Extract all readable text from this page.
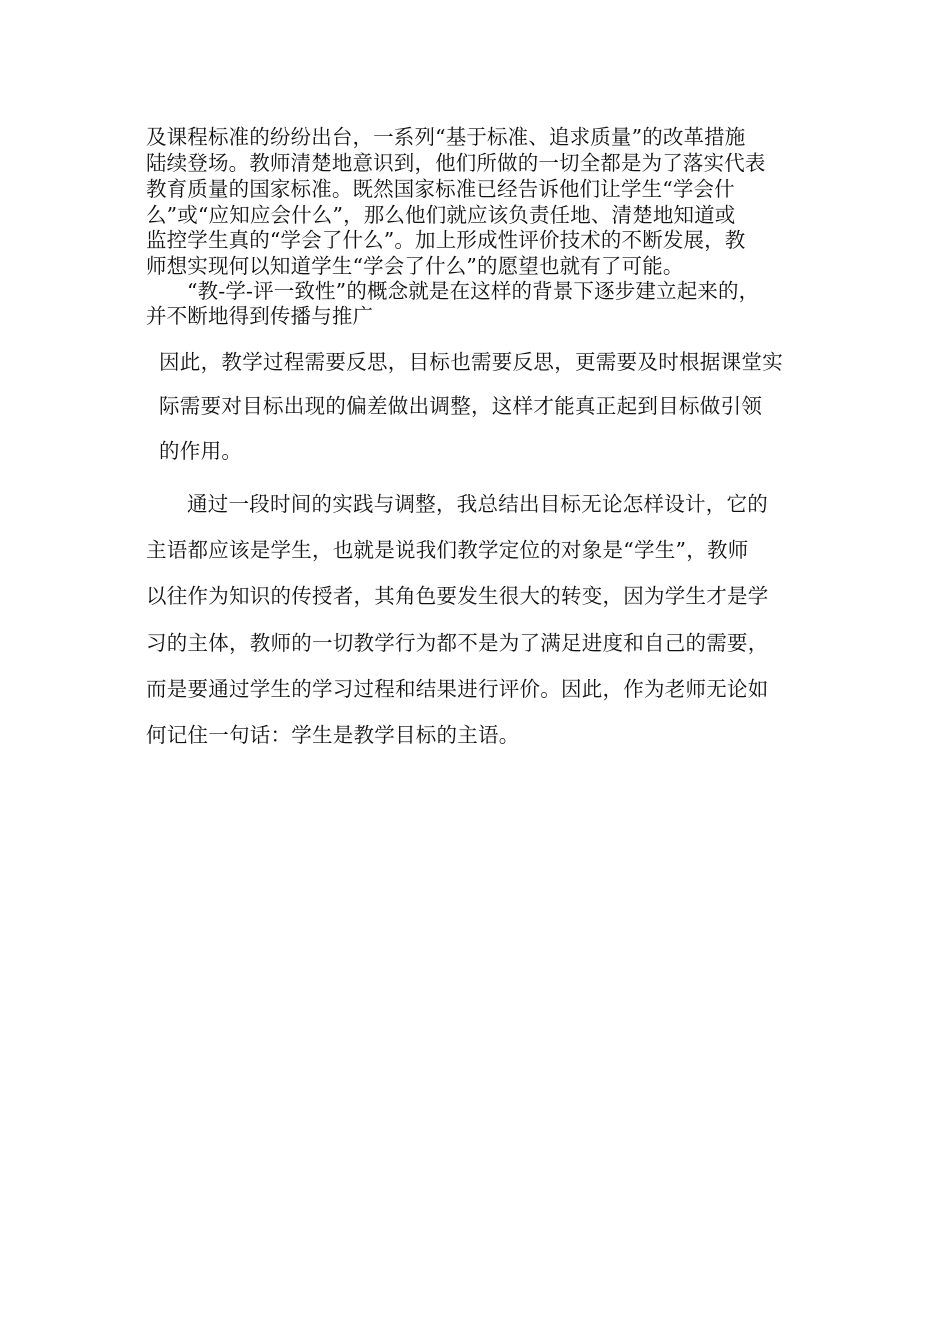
及课程标准的纷纷出台，一系列“基于标准、追求质量”的改革措施

陆续登场。教师清楚地意识到，他们所做的一切全都是为了落实代表

教育质量的国家标准。既然国家标准已经告诉他们让学生“学会什

么”或“应知应会什么”，那么他们就应该负责任地、清楚地知道或

监控学生真的“学会了什么”。加上形成性评价技术的不断发展，教

师想实现何以知道学生“学会了什么”的愿望也就有了可能。

“教-学-评一致性”的概念就是在这样的背景下逐步建立起来的，

并不断地得到传播与推广

因此，教学过程需要反思，目标也需要反思，更需要及时根据课堂实

际需要对目标出现的偏差做出调整，这样才能真正起到目标做引领

的作用。

通过一段时间的实践与调整，我总结出目标无论怎样设计，它的

主语都应该是学生，也就是说我们教学定位的对象是“学生”，教师

以往作为知识的传授者，其角色要发生很大的转变，因为学生才是学

习的主体，教师的一切教学行为都不是为了满足进度和自己的需要，

而是要通过学生的学习过程和结果进行评价。因此，作为老师无论如

何记住一句话：学生是教学目标的主语。
